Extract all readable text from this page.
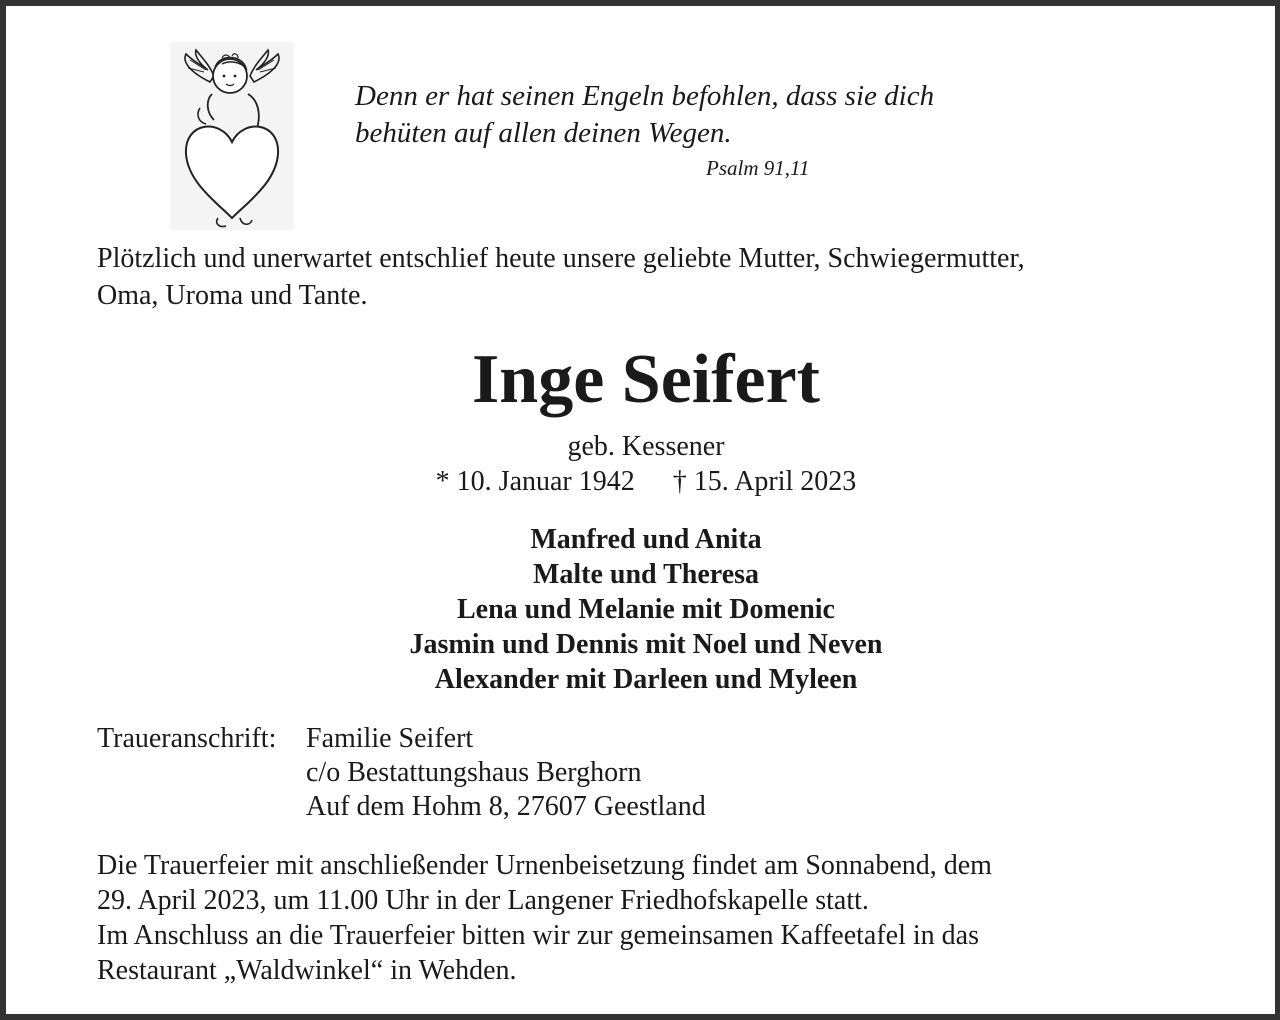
Denn er hat seinen Engeln befohlen, dass sie dich
behüten auf allen deinen Wegen.
Psalm 91,11
Plötzlich und unerwartet entschlief heute unsere geliebte Mutter, Schwiegermutter,
Oma, Uroma und Tante.
Inge Seifert
geb. Kessener
* 10. Januar 1942 † 15. April 2023
Manfred und Anita
Malte und Theresa
Lena und Melanie mit Domenic
Jasmin und Dennis mit Noel und Neven
Alexander mit Darleen und Myleen
Traueranschrift: Familie Seifert
c/o Bestattungshaus Berghorn
Auf dem Hohm 8, 27607 Geestland

Die Trauerfeier mit anschließender Urnenbeisetzung findet am Sonnabend, dem
29. April 2023, um 11.00 Uhr in der Langener Friedhofskapelle statt.

Im Anschluss an die Trauerfeier bitten wir zur gemeinsamen Kaffeetafel in das
Restaurant „Waldwinkel“ in Wehden.
